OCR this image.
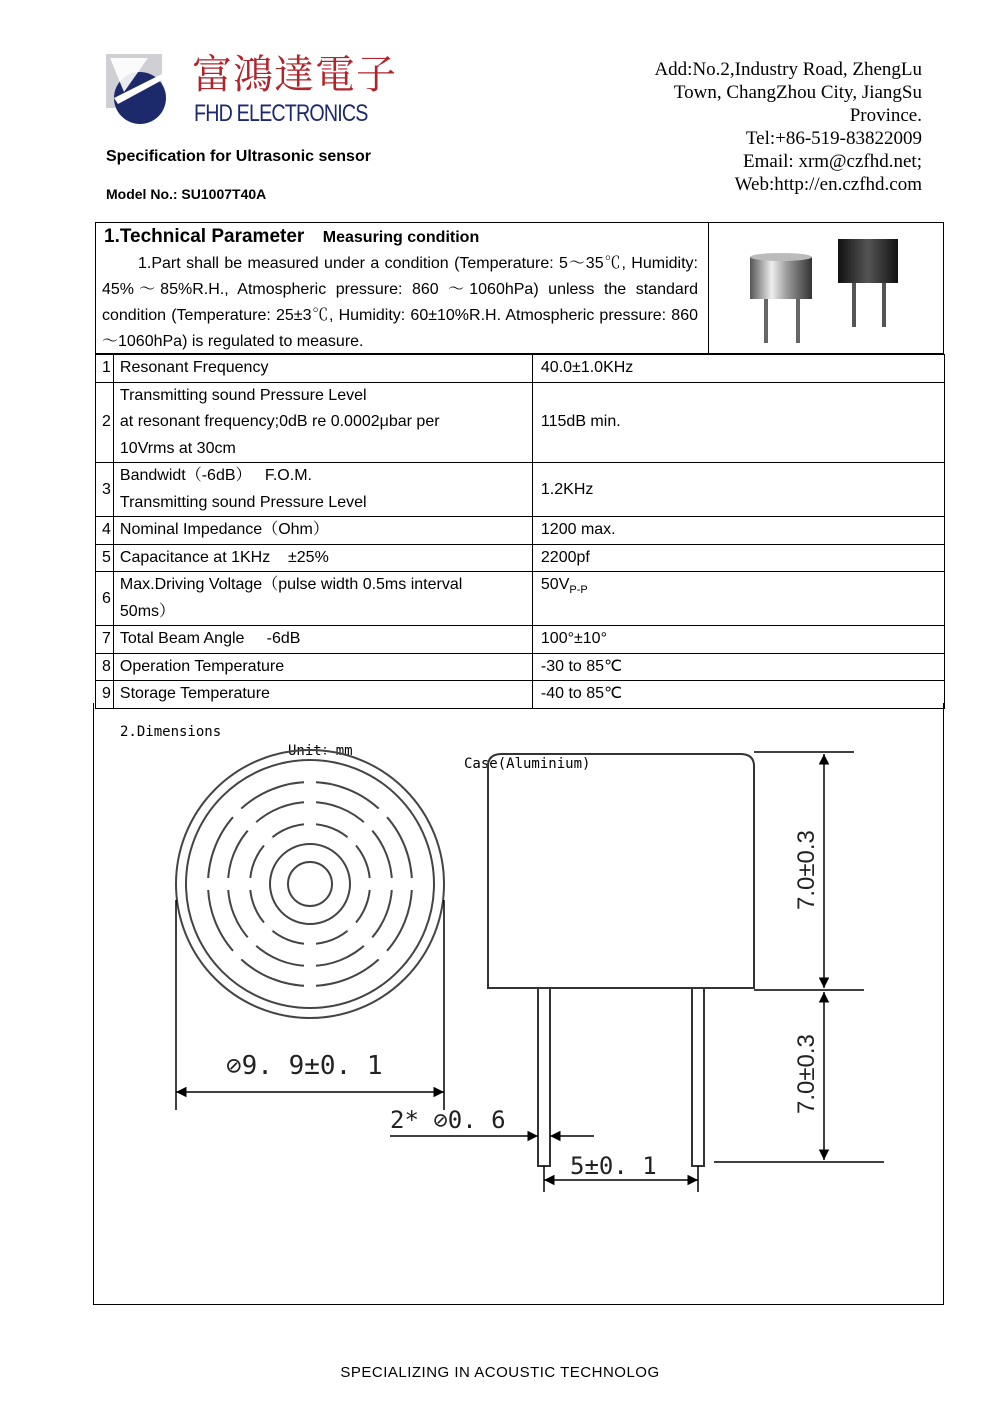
富鴻達電子
FHD ELECTRONICS
Specification for Ultrasonic sensor
Model No.: SU1007T40A
Add:No.2,Industry Road, ZhengLu
Town, ChangZhou City, JiangSu
Province.
Tel:+86-519-83822009
Email: xrm@czfhd.net;
Web:http://en.czfhd.com
1.Technical Parameter Measuring condition

1.Part shall be measured under a condition (Temperature: 5～35℃, Humidity: 45%～85%R.H., Atmospheric pressure: 860 ～1060hPa) unless the standard condition (Temperature: 25±3℃, Humidity: 60±10%R.H. Atmospheric pressure: 860 ～1060hPa) is regulated to measure.

1	Resonant Frequency	40.0±1.0KHz
2	Transmitting sound Pressure Level
at resonant frequency;0dB re 0.0002μbar per
10Vrms at 30cm	115dB min.
3	Bandwidt（-6dB）   F.O.M.
Transmitting sound Pressure Level	1.2KHz
4	Nominal Impedance（Ohm）	1200 max.
5	Capacitance at 1KHz    ±25%	2200pf
6	Max.Driving Voltage（pulse width 0.5ms interval
50ms）	$50V_{P-P}$
7	Total Beam Angle     -6dB	100°±10°
8	Operation Temperature	-30 to 85℃
9	Storage Temperature	-40 to 85℃

2.Dimensions

Unit：mm

Case(Aluminium)

⊘9. 9±0. 1
2* ⊘0. 6
5±0. 1
7.0±0.3
7.0±0.3
SPECIALIZING IN ACOUSTIC TECHNOLOG
